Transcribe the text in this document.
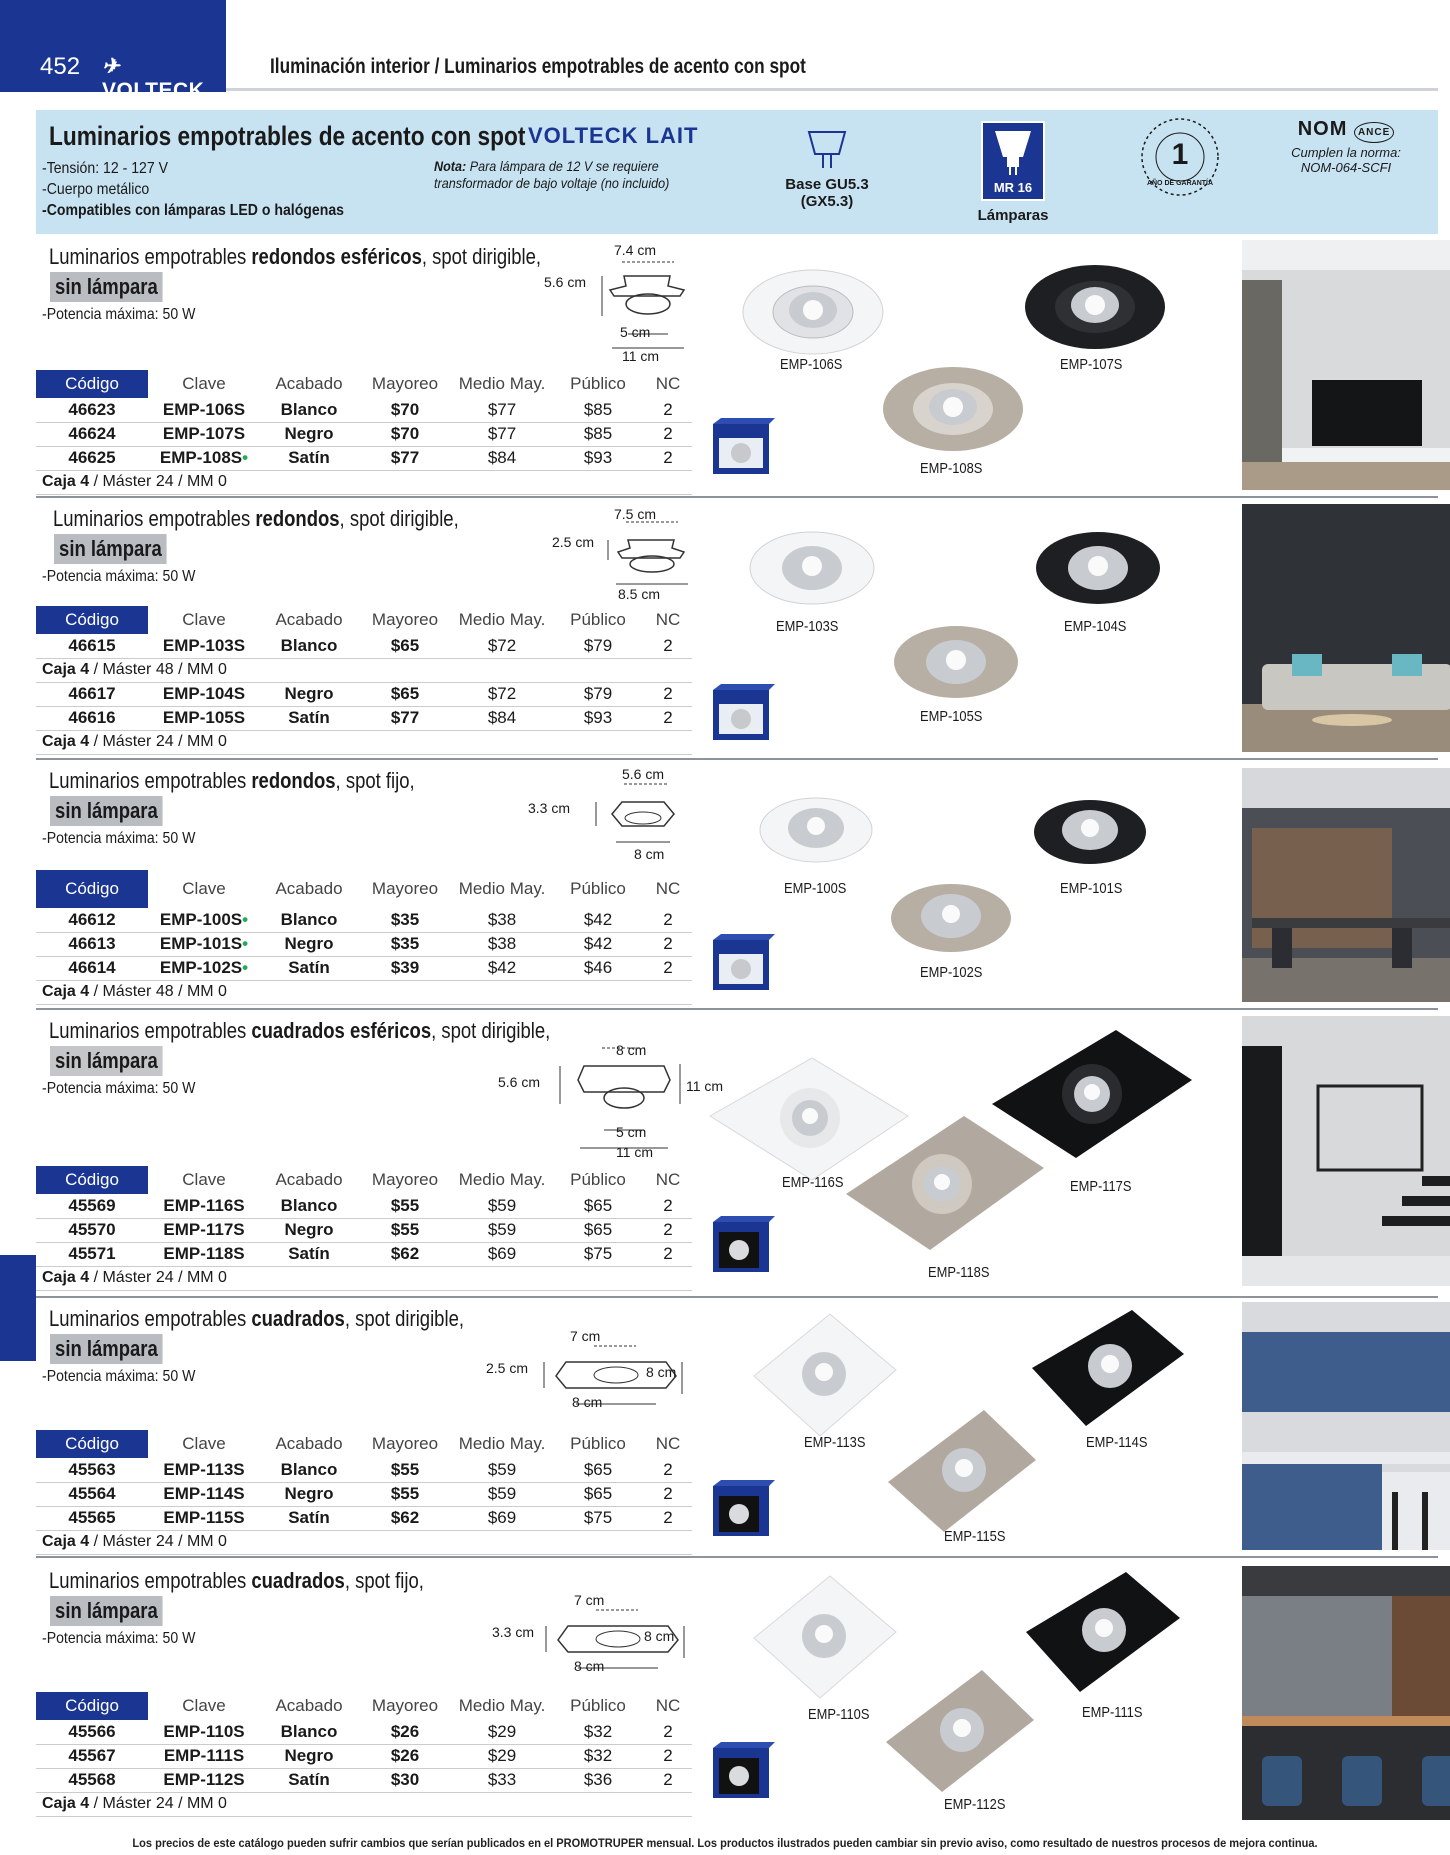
452 ✈VOLTECK
Iluminación interior / Luminarios empotrables de acento con spot
Luminarios empotrables de acento con spot VOLTECK LAIT
-Tensión: 12 - 127 V
-Cuerpo metálico
-Compatibles con lámparas LED o halógenas
Nota: Para lámpara de 12 V se requiere
transformador de bajo voltaje (no incluido)	Base GU5.3
(GX5.3)
MR 16
Lámparas
1
AÑO DE GARANTÍA
NOM ANCE
Cumplen la norma:
NOM-064-SCFI
Luminarios empotrables redondos esféricos, spot dirigible,
sin lámpara
-Potencia máxima: 50 W
7.4 cm
5.6 cm
5 cm
11 cm
Código	Clave	Acabado	Mayoreo	Medio May.	Público	NC
46623	EMP-106S	Blanco	$70	$77	$85	2
46624	EMP-107S	Negro	$70	$77	$85	2
46625	EMP-108S•	Satín	$77	$84	$93	2
Caja 4 / Máster 24 / MM 0						
EMP-106S	EMP-107S
EMP-108S
Luminarios empotrables redondos, spot dirigible,
sin lámpara
-Potencia máxima: 50 W
7.5 cm
2.5 cm
8.5 cm
Código	Clave	Acabado	Mayoreo	Medio May.	Público	NC
46615	EMP-103S	Blanco	$65	$72	$79	2
Caja 4 / Máster 48 / MM 0						
46617	EMP-104S	Negro	$65	$72	$79	2
46616	EMP-105S	Satín	$77	$84	$93	2
Caja 4 / Máster 24 / MM 0						
EMP-103S	EMP-104S
EMP-105S
Luminarios empotrables redondos, spot fijo,
sin lámpara
-Potencia máxima: 50 W
5.6 cm
3.3 cm
8 cm
Código	Clave	Acabado	Mayoreo	Medio May.	Público	NC
46612	EMP-100S•	Blanco	$35	$38	$42	2
46613	EMP-101S•	Negro	$35	$38	$42	2
46614	EMP-102S•	Satín	$39	$42	$46	2
Caja 4 / Máster 48 / MM 0						
EMP-100S	EMP-101S
EMP-102S
Luminarios empotrables cuadrados esféricos, spot dirigible,
sin lámpara
-Potencia máxima: 50 W
8 cm
5.6 cm	11 cm
5 cm
11 cm
Código	Clave	Acabado	Mayoreo	Medio May.	Público	NC
45569	EMP-116S	Blanco	$55	$59	$65	2
45570	EMP-117S	Negro	$55	$59	$65	2
45571	EMP-118S	Satín	$62	$69	$75	2
Caja 4 / Máster 24 / MM 0						
EMP-116S	EMP-117S
EMP-118S
Luminarios empotrables cuadrados, spot dirigible,
sin lámpara
-Potencia máxima: 50 W
7 cm
2.5 cm	8 cm
8 cm
Código	Clave	Acabado	Mayoreo	Medio May.	Público	NC
45563	EMP-113S	Blanco	$55	$59	$65	2
45564	EMP-114S	Negro	$55	$59	$65	2
45565	EMP-115S	Satín	$62	$69	$75	2
Caja 4 / Máster 24 / MM 0						
EMP-113S	EMP-114S
EMP-115S
Luminarios empotrables cuadrados, spot fijo,
sin lámpara
-Potencia máxima: 50 W
7 cm
3.3 cm	8 cm
8 cm
Código	Clave	Acabado	Mayoreo	Medio May.	Público	NC
45566	EMP-110S	Blanco	$26	$29	$32	2
45567	EMP-111S	Negro	$26	$29	$32	2
45568	EMP-112S	Satín	$30	$33	$36	2
Caja 4 / Máster 24 / MM 0						
EMP-110S	EMP-111S
EMP-112S
Los precios de este catálogo pueden sufrir cambios que serían publicados en el PROMOTRUPER mensual. Los productos ilustrados pueden cambiar sin previo aviso, como resultado de nuestros procesos de mejora continua.
